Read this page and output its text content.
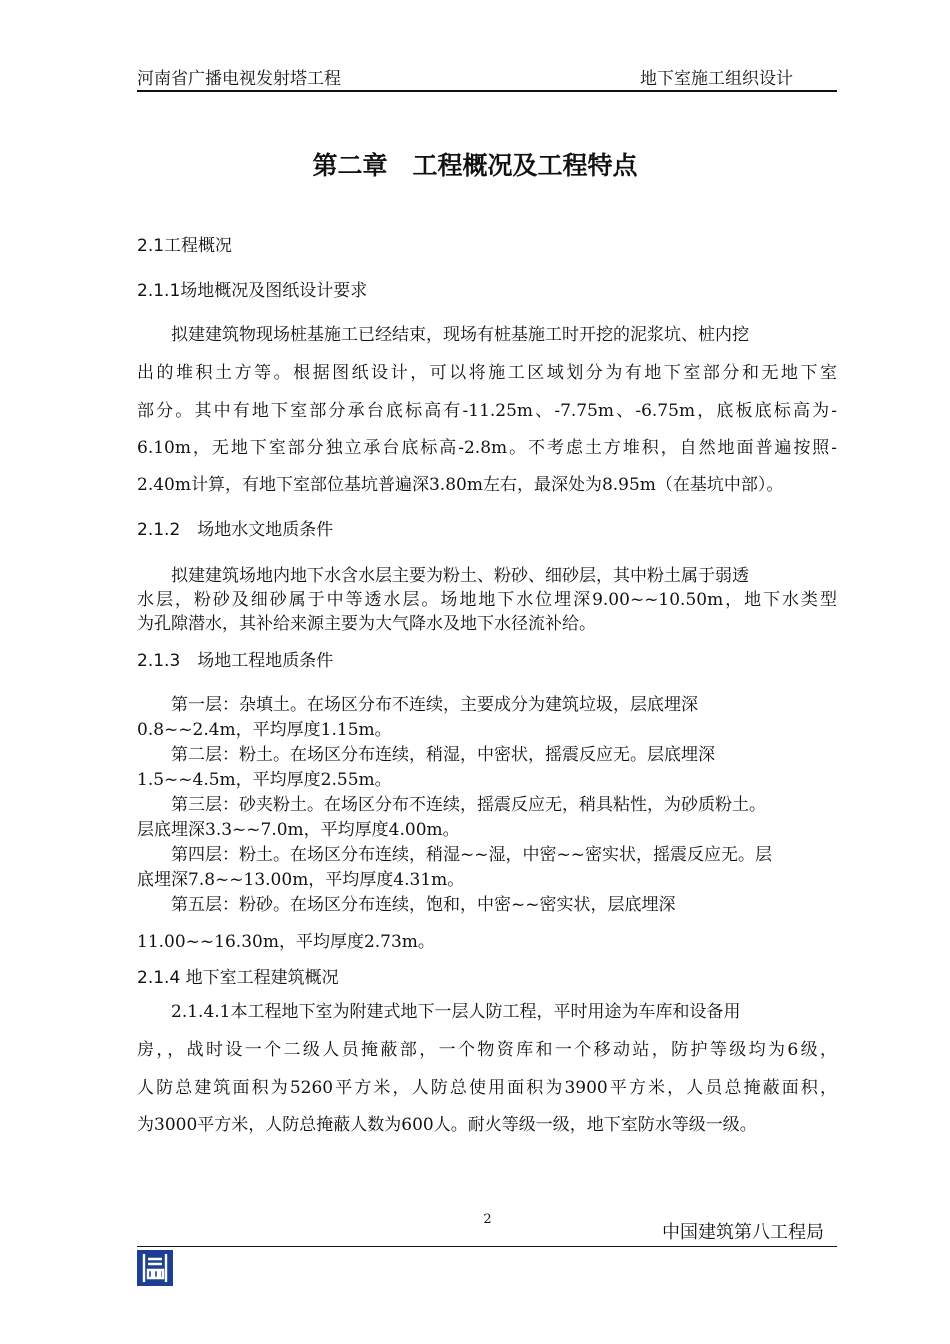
河南省广播电视发射塔工程	地下室施工组织设计
第二章　工程概况及工程特点
2.1工程概况
2.1.1场地概况及图纸设计要求
拟建建筑物现场桩基施工已经结束，现场有桩基施工时开挖的泥浆坑、桩内挖
出的堆积土方等。根据图纸设计，可以将施工区域划分为有地下室部分和无地下室
部分。其中有地下室部分承台底标高有-11.25m、-7.75m、-6.75m，底板底标高为-
6.10m，无地下室部分独立承台底标高-2.8m。不考虑土方堆积，自然地面普遍按照-
2.40m计算，有地下室部位基坑普遍深3.80m左右，最深处为8.95m（在基坑中部）。
2.1.2　场地水文地质条件
拟建建筑场地内地下水含水层主要为粉土、粉砂、细砂层，其中粉土属于弱透
水层，粉砂及细砂属于中等透水层。场地地下水位埋深9.00~~10.50m，地下水类型
为孔隙潜水，其补给来源主要为大气降水及地下水径流补给。
2.1.3　场地工程地质条件
第一层：杂填土。在场区分布不连续，主要成分为建筑垃圾，层底埋深
0.8~~2.4m，平均厚度1.15m。
第二层：粉土。在场区分布连续，稍湿，中密状，摇震反应无。层底埋深
1.5~~4.5m，平均厚度2.55m。
第三层：砂夹粉土。在场区分布不连续，摇震反应无，稍具粘性，为砂质粉土。
层底埋深3.3~~7.0m，平均厚度4.00m。
第四层：粉土。在场区分布连续，稍湿~~湿，中密~~密实状，摇震反应无。层
底埋深7.8~~13.00m，平均厚度4.31m。
第五层：粉砂。在场区分布连续，饱和，中密~~密实状，层底埋深
11.00~~16.30m，平均厚度2.73m。
2.1.4 地下室工程建筑概况
2.1.4.1本工程地下室为附建式地下一层人防工程，平时用途为车库和设备用
房，，战时设一个二级人员掩蔽部，一个物资库和一个移动站，防护等级均为6级，
人防总建筑面积为5260平方米，人防总使用面积为3900平方米，人员总掩蔽面积，
为3000平方米，人防总掩蔽人数为600人。耐火等级一级，地下室防水等级一级。
2
中国建筑第八工程局
